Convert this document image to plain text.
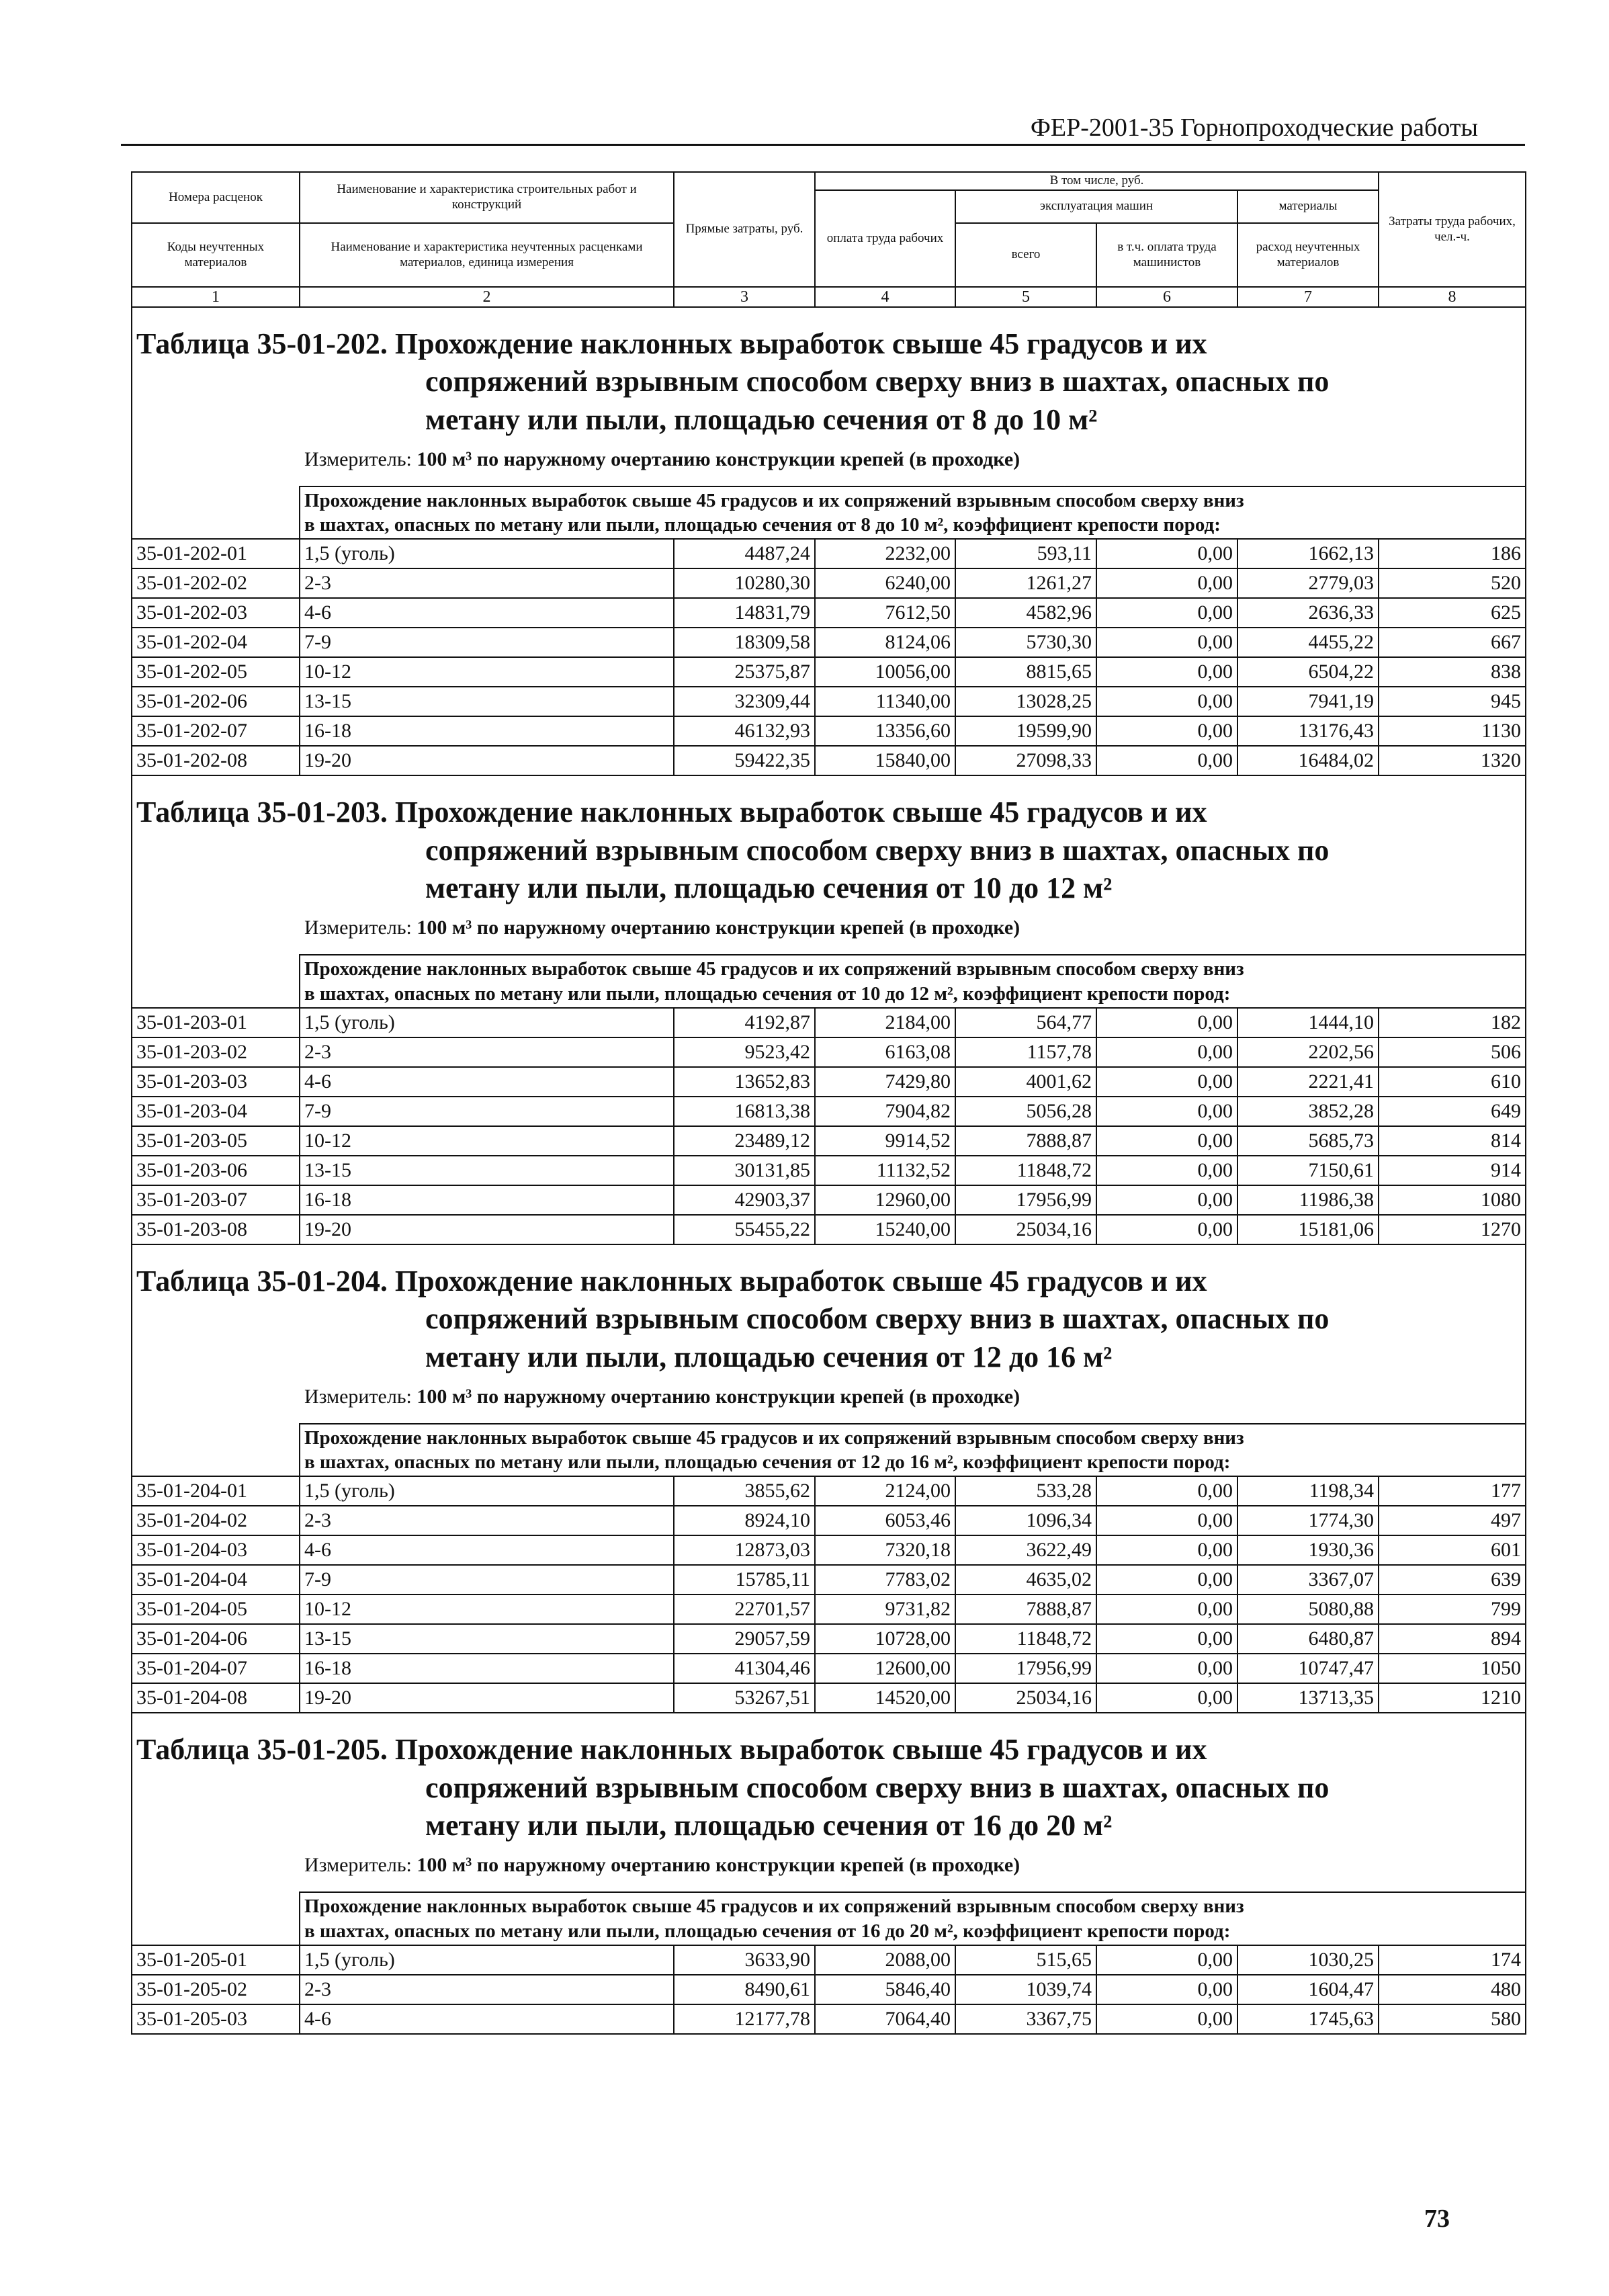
ФЕР-2001-35 Горнопроходческие работы
Номера расценок	Наименование и характеристика строительных работ и конструкций	Прямые затраты, руб.	В том числе, руб.				Затраты труда рабочих, чел.-ч.
			оплата труда рабочих	эксплуатация машин		материалы	
Коды неучтенных материалов	Наименование и характеристика неучтенных расценками материалов, единица измерения			всего	в т.ч. оплата труда машинистов	расход неучтенных материалов	

1	2	3	4	5	6	7	8

Таблица 35-01-202. Прохождение наклонных выработок свыше 45 градусов и их
сопряжений взрывным способом сверху вниз в шахтах, опасных по
метану или пыли, площадью сечения от 8 до 10 м²
Измеритель: 100 м³ по наружному очертанию конструкции крепей (в проходке)							

	Прохождение наклонных выработок свыше 45 градусов и их сопряжений взрывным способом сверху вниз
в шахтах, опасных по метану или пыли, площадью сечения от 8 до 10 м², коэффициент крепости пород:						

35-01-202-01	1,5 (уголь)	4487,24	2232,00	593,11	0,00	1662,13	186
35-01-202-02	2-3	10280,30	6240,00	1261,27	0,00	2779,03	520
35-01-202-03	4-6	14831,79	7612,50	4582,96	0,00	2636,33	625
35-01-202-04	7-9	18309,58	8124,06	5730,30	0,00	4455,22	667
35-01-202-05	10-12	25375,87	10056,00	8815,65	0,00	6504,22	838
35-01-202-06	13-15	32309,44	11340,00	13028,25	0,00	7941,19	945
35-01-202-07	16-18	46132,93	13356,60	19599,90	0,00	13176,43	1130
35-01-202-08	19-20	59422,35	15840,00	27098,33	0,00	16484,02	1320

Таблица 35-01-203. Прохождение наклонных выработок свыше 45 градусов и их
сопряжений взрывным способом сверху вниз в шахтах, опасных по
метану или пыли, площадью сечения от 10 до 12 м²
Измеритель: 100 м³ по наружному очертанию конструкции крепей (в проходке)							

	Прохождение наклонных выработок свыше 45 градусов и их сопряжений взрывным способом сверху вниз
в шахтах, опасных по метану или пыли, площадью сечения от 10 до 12 м², коэффициент крепости пород:						

35-01-203-01	1,5 (уголь)	4192,87	2184,00	564,77	0,00	1444,10	182
35-01-203-02	2-3	9523,42	6163,08	1157,78	0,00	2202,56	506
35-01-203-03	4-6	13652,83	7429,80	4001,62	0,00	2221,41	610
35-01-203-04	7-9	16813,38	7904,82	5056,28	0,00	3852,28	649
35-01-203-05	10-12	23489,12	9914,52	7888,87	0,00	5685,73	814
35-01-203-06	13-15	30131,85	11132,52	11848,72	0,00	7150,61	914
35-01-203-07	16-18	42903,37	12960,00	17956,99	0,00	11986,38	1080
35-01-203-08	19-20	55455,22	15240,00	25034,16	0,00	15181,06	1270

Таблица 35-01-204. Прохождение наклонных выработок свыше 45 градусов и их
сопряжений взрывным способом сверху вниз в шахтах, опасных по
метану или пыли, площадью сечения от 12 до 16 м²
Измеритель: 100 м³ по наружному очертанию конструкции крепей (в проходке)							

	Прохождение наклонных выработок свыше 45 градусов и их сопряжений взрывным способом сверху вниз
в шахтах, опасных по метану или пыли, площадью сечения от 12 до 16 м², коэффициент крепости пород:						

35-01-204-01	1,5 (уголь)	3855,62	2124,00	533,28	0,00	1198,34	177
35-01-204-02	2-3	8924,10	6053,46	1096,34	0,00	1774,30	497
35-01-204-03	4-6	12873,03	7320,18	3622,49	0,00	1930,36	601
35-01-204-04	7-9	15785,11	7783,02	4635,02	0,00	3367,07	639
35-01-204-05	10-12	22701,57	9731,82	7888,87	0,00	5080,88	799
35-01-204-06	13-15	29057,59	10728,00	11848,72	0,00	6480,87	894
35-01-204-07	16-18	41304,46	12600,00	17956,99	0,00	10747,47	1050
35-01-204-08	19-20	53267,51	14520,00	25034,16	0,00	13713,35	1210

Таблица 35-01-205. Прохождение наклонных выработок свыше 45 градусов и их
сопряжений взрывным способом сверху вниз в шахтах, опасных по
метану или пыли, площадью сечения от 16 до 20 м²
Измеритель: 100 м³ по наружному очертанию конструкции крепей (в проходке)							

	Прохождение наклонных выработок свыше 45 градусов и их сопряжений взрывным способом сверху вниз
в шахтах, опасных по метану или пыли, площадью сечения от 16 до 20 м², коэффициент крепости пород:						

35-01-205-01	1,5 (уголь)	3633,90	2088,00	515,65	0,00	1030,25	174
35-01-205-02	2-3	8490,61	5846,40	1039,74	0,00	1604,47	480
35-01-205-03	4-6	12177,78	7064,40	3367,75	0,00	1745,63	580
73
